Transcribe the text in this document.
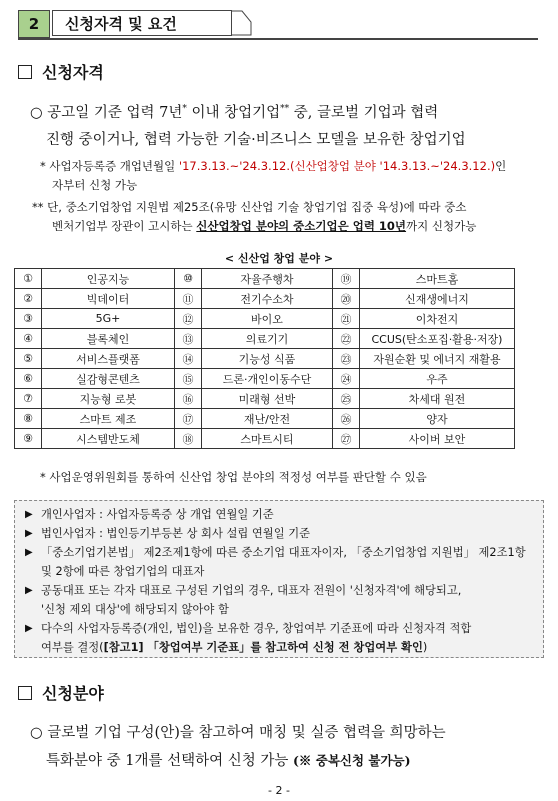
2	신청자격 및 요건
신청자격
○ 공고일 기준 업력 7년* 이내 창업기업** 중, 글로벌 기업과 협력
진행 중이거나, 협력 가능한 기술·비즈니스 모델을 보유한 창업기업
* 사업자등록증 개업년월일 '17.3.13.~'24.3.12.(신산업창업 분야 '14.3.13.~'24.3.12.)인
자부터 신청 가능
** 단, 중소기업창업 지원법 제25조(유망 신산업 기술 창업기업 집중 육성)에 따라 중소
벤처기업부 장관이 고시하는 신산업창업 분야의 중소기업은 업력 10년까지 신청가능
< 신산업 창업 분야 >
①	인공지능	⑩	자율주행차	⑲	스마트홈
②	빅데이터	⑪	전기수소차	⑳	신재생에너지
③	5G+	⑫	바이오	㉑	이차전지
④	블록체인	⑬	의료기기	㉒	CCUS(탄소포집·활용·저장)
⑤	서비스플랫폼	⑭	기능성 식품	㉓	자원순환 및 에너지 재활용
⑥	실감형콘텐츠	⑮	드론·개인이동수단	㉔	우주
⑦	지능형 로봇	⑯	미래형 선박	㉕	차세대 원전
⑧	스마트 제조	⑰	재난/안전	㉖	양자
⑨	시스템반도체	⑱	스마트시티	㉗	사이버 보안
* 사업운영위원회를 통하여 신산업 창업 분야의 적정성 여부를 판단할 수 있음
▶ 개인사업자 : 사업자등록증 상 개업 연월일 기준
▶ 법인사업자 : 법인등기부등본 상 회사 설립 연월일 기준
▶ 「중소기업기본법」 제2조제1항에 따른 중소기업 대표자이자, 「중소기업창업 지원법」 제2조1항
및 2항에 따른 창업기업의 대표자
▶ 공동대표 또는 각자 대표로 구성된 기업의 경우, 대표자 전원이 '신청자격'에 해당되고,
'신청 제외 대상'에 해당되지 않아야 함
▶ 다수의 사업자등록증(개인, 법인)을 보유한 경우, 창업여부 기준표에 따라 신청자격 적합
여부를 결정([참고1] 「창업여부 기준표」를 참고하여 신청 전 창업여부 확인)
신청분야
○ 글로벌 기업 구성(안)을 참고하여 매칭 및 실증 협력을 희망하는
특화분야 중 1개를 선택하여 신청 가능 (※ 중복신청 불가능)
- 2 -
